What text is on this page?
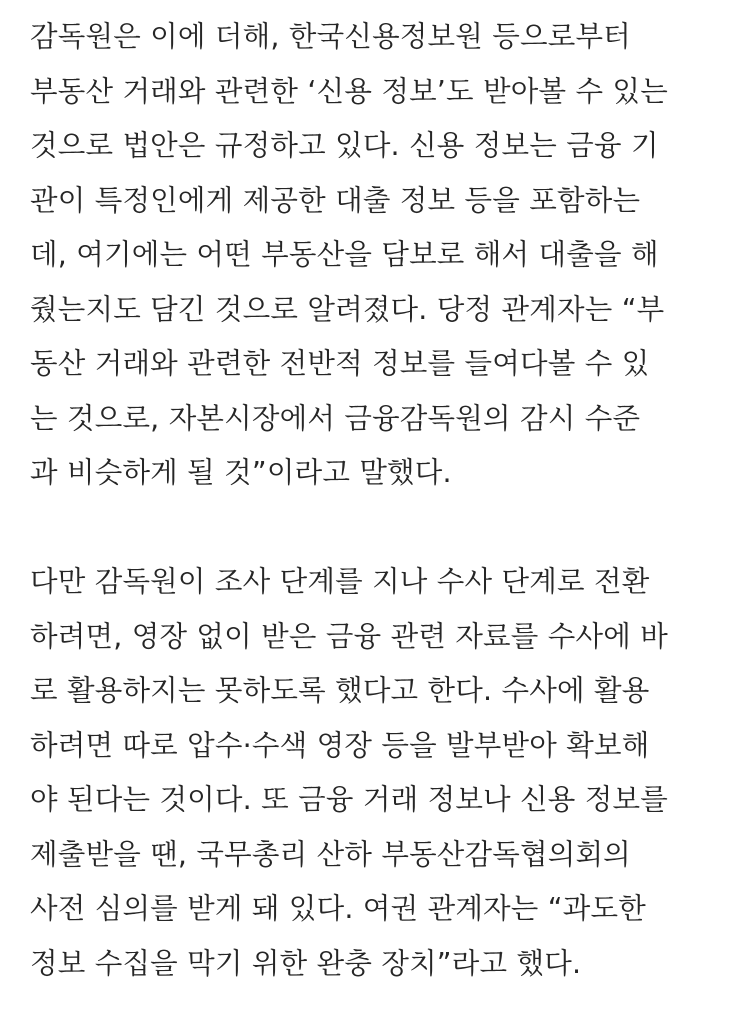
감독원은 이에 더해, 한국신용정보원 등으로부터
부동산 거래와 관련한 ‘신용 정보’도 받아볼 수 있는
것으로 법안은 규정하고 있다. 신용 정보는 금융 기
관이 특정인에게 제공한 대출 정보 등을 포함하는
데, 여기에는 어떤 부동산을 담보로 해서 대출을 해
줬는지도 담긴 것으로 알려졌다. 당정 관계자는 “부
동산 거래와 관련한 전반적 정보를 들여다볼 수 있
는 것으로, 자본시장에서 금융감독원의 감시 수준
과 비슷하게 될 것”이라고 말했다.

다만 감독원이 조사 단계를 지나 수사 단계로 전환
하려면, 영장 없이 받은 금융 관련 자료를 수사에 바
로 활용하지는 못하도록 했다고 한다. 수사에 활용
하려면 따로 압수·수색 영장 등을 발부받아 확보해
야 된다는 것이다. 또 금융 거래 정보나 신용 정보를
제출받을 땐, 국무총리 산하 부동산감독협의회의
사전 심의를 받게 돼 있다. 여권 관계자는 “과도한
정보 수집을 막기 위한 완충 장치”라고 했다.
